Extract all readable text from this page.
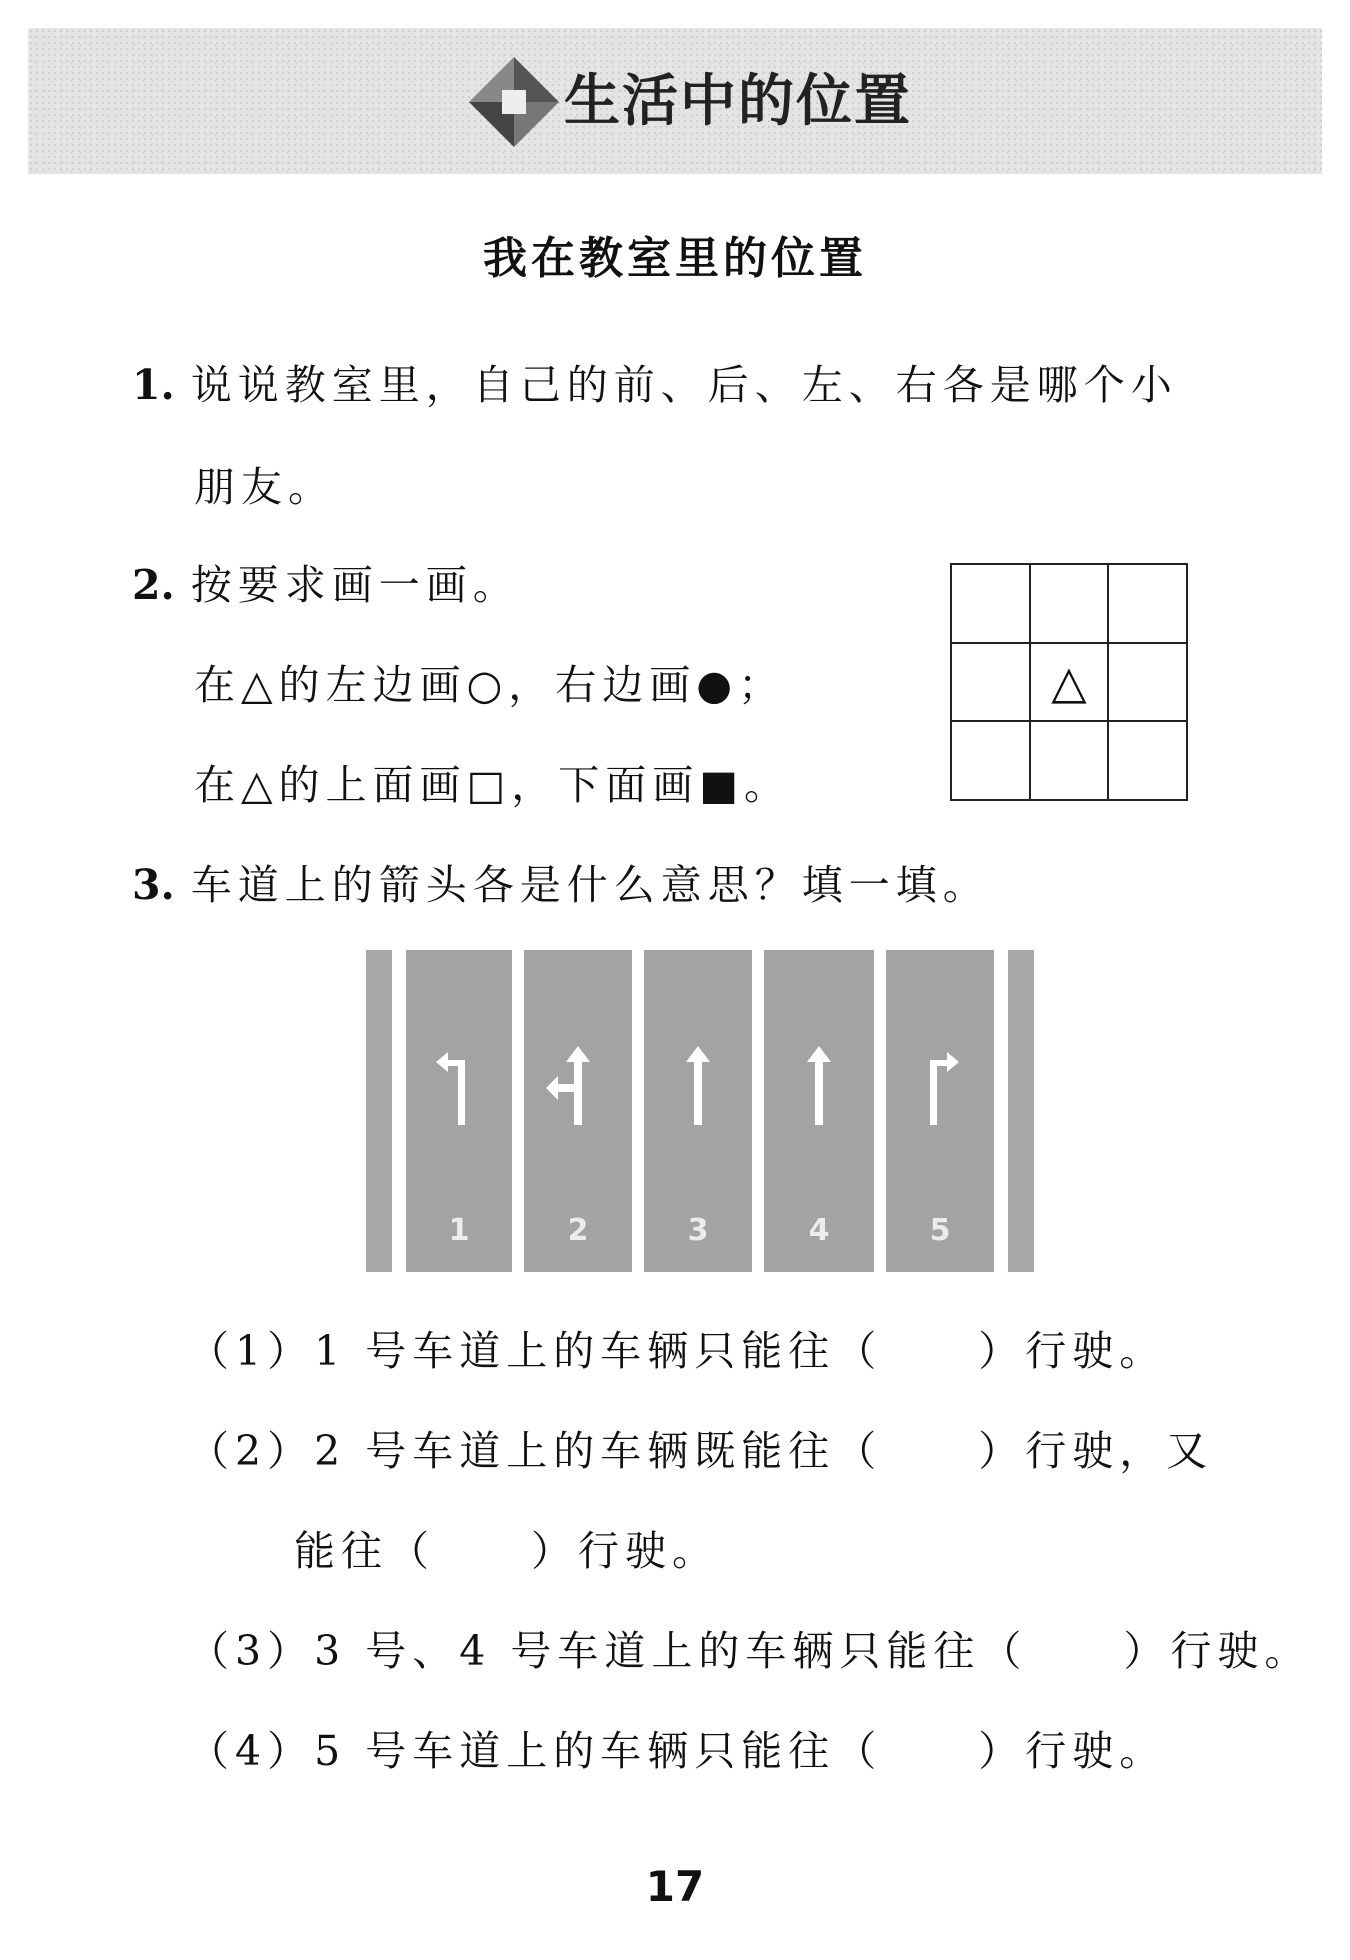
生活中的位置
我在教室里的位置
1. 说说教室里，自己的前、后、左、右各是哪个小
朋友。
2. 按要求画一画。
在△的左边画○，右边画●；
在△的上面画□，下面画■。
△
3. 车道上的箭头各是什么意思？填一填。
1	2	3	4	5
（1）1 号车道上的车辆只能往（ ）行驶。
（2）2 号车道上的车辆既能往（ ）行驶，又
能往（ ）行驶。
（3）3 号、4 号车道上的车辆只能往（ ）行驶。
（4）5 号车道上的车辆只能往（ ）行驶。
17
